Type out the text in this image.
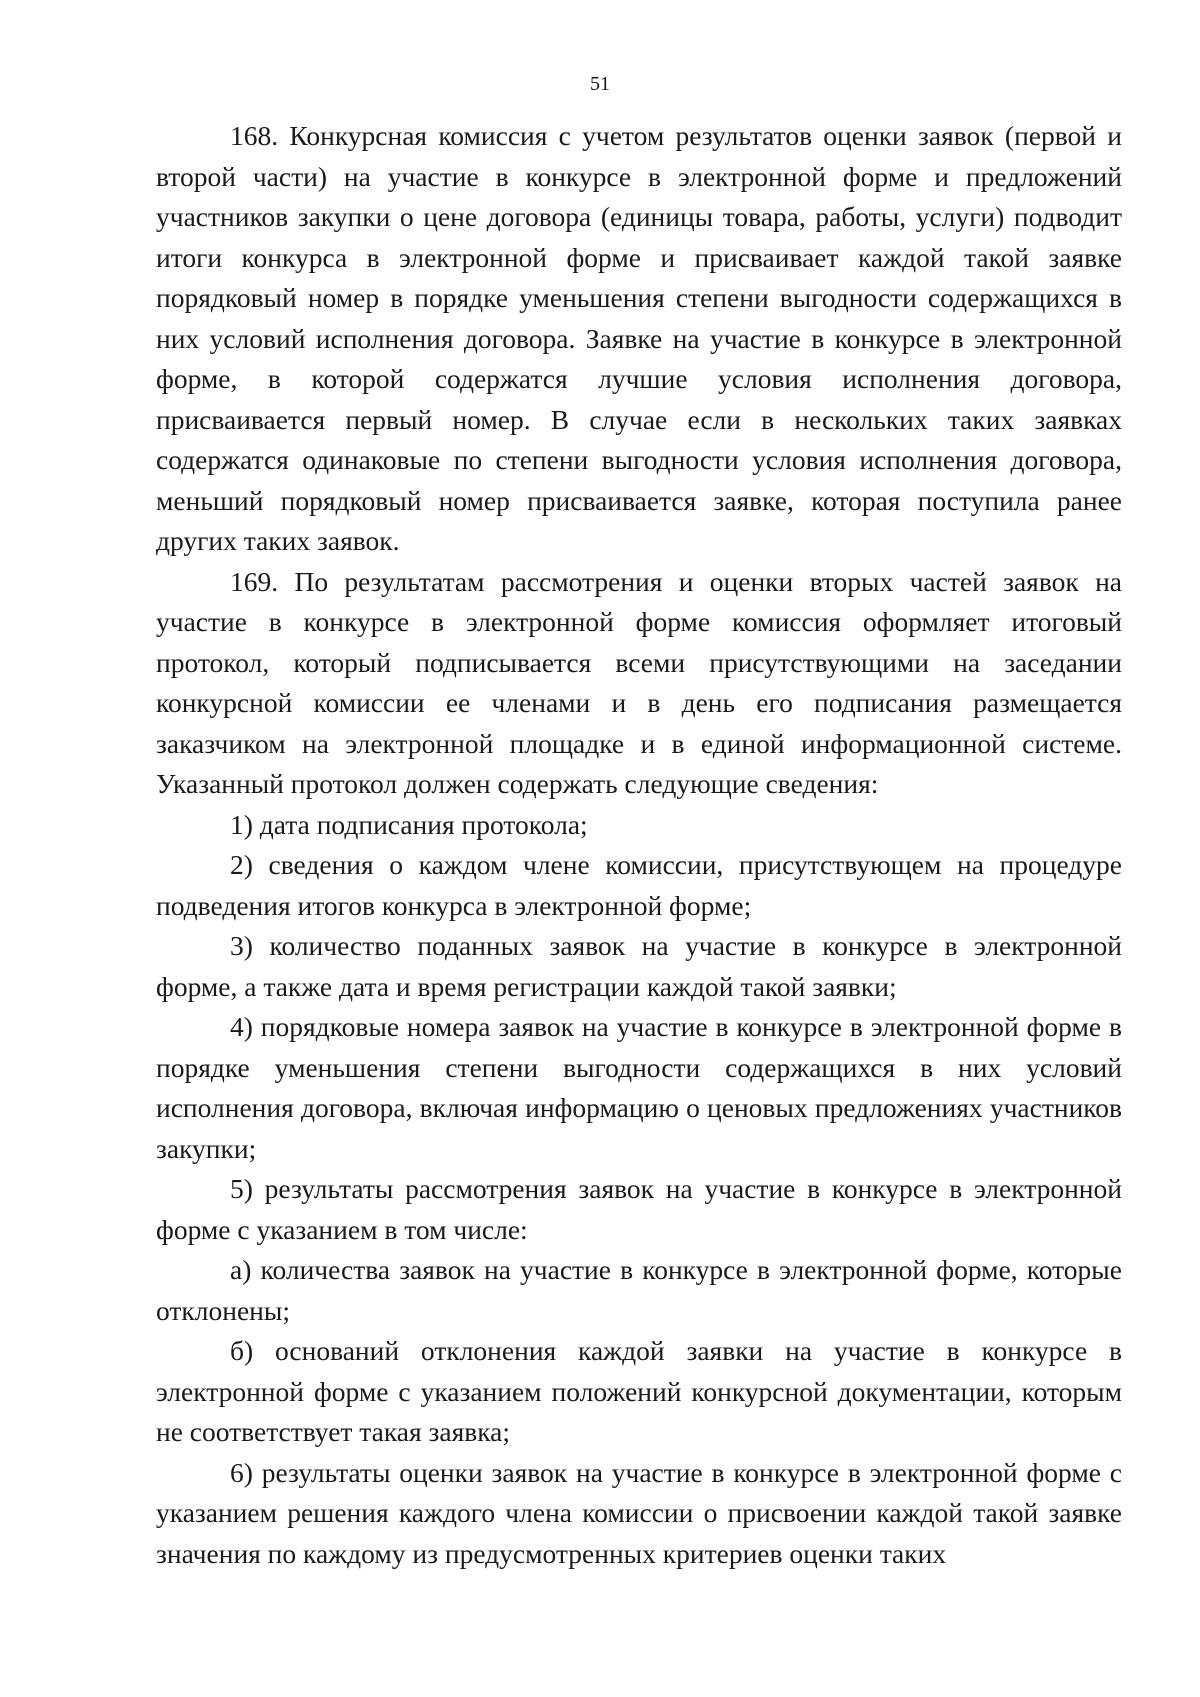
51

168. Конкурсная комиссия с учетом результатов оценки заявок (первой и второй части) на участие в конкурсе в электронной форме и предложений участников закупки о цене договора (единицы товара, работы, услуги) подводит итоги конкурса в электронной форме и присваивает каждой такой заявке порядковый номер в порядке уменьшения степени выгодности содержащихся в них условий исполнения договора. Заявке на участие в конкурсе в электронной форме, в которой содержатся лучшие условия исполнения договора, присваивается первый номер. В случае если в нескольких таких заявках содержатся одинаковые по степени выгодности условия исполнения договора, меньший порядковый номер присваивается заявке, которая поступила ранее других таких заявок.

169. По результатам рассмотрения и оценки вторых частей заявок на участие в конкурсе в электронной форме комиссия оформляет итоговый протокол, который подписывается всеми присутствующими на заседании конкурсной комиссии ее членами и в день его подписания размещается заказчиком на электронной площадке и в единой информационной системе. Указанный протокол должен содержать следующие сведения:

1) дата подписания протокола;

2) сведения о каждом члене комиссии, присутствующем на процедуре подведения итогов конкурса в электронной форме;

3) количество поданных заявок на участие в конкурсе в электронной форме, а также дата и время регистрации каждой такой заявки;

4) порядковые номера заявок на участие в конкурсе в электронной форме в порядке уменьшения степени выгодности содержащихся в них условий исполнения договора, включая информацию о ценовых предложениях участников закупки;

5) результаты рассмотрения заявок на участие в конкурсе в электронной форме с указанием в том числе:

а) количества заявок на участие в конкурсе в электронной форме, которые отклонены;

б) оснований отклонения каждой заявки на участие в конкурсе в электронной форме с указанием положений конкурсной документации, которым не соответствует такая заявка;

6) результаты оценки заявок на участие в конкурсе в электронной форме с указанием решения каждого члена комиссии о присвоении каждой такой заявке значения по каждому из предусмотренных критериев оценки таких
